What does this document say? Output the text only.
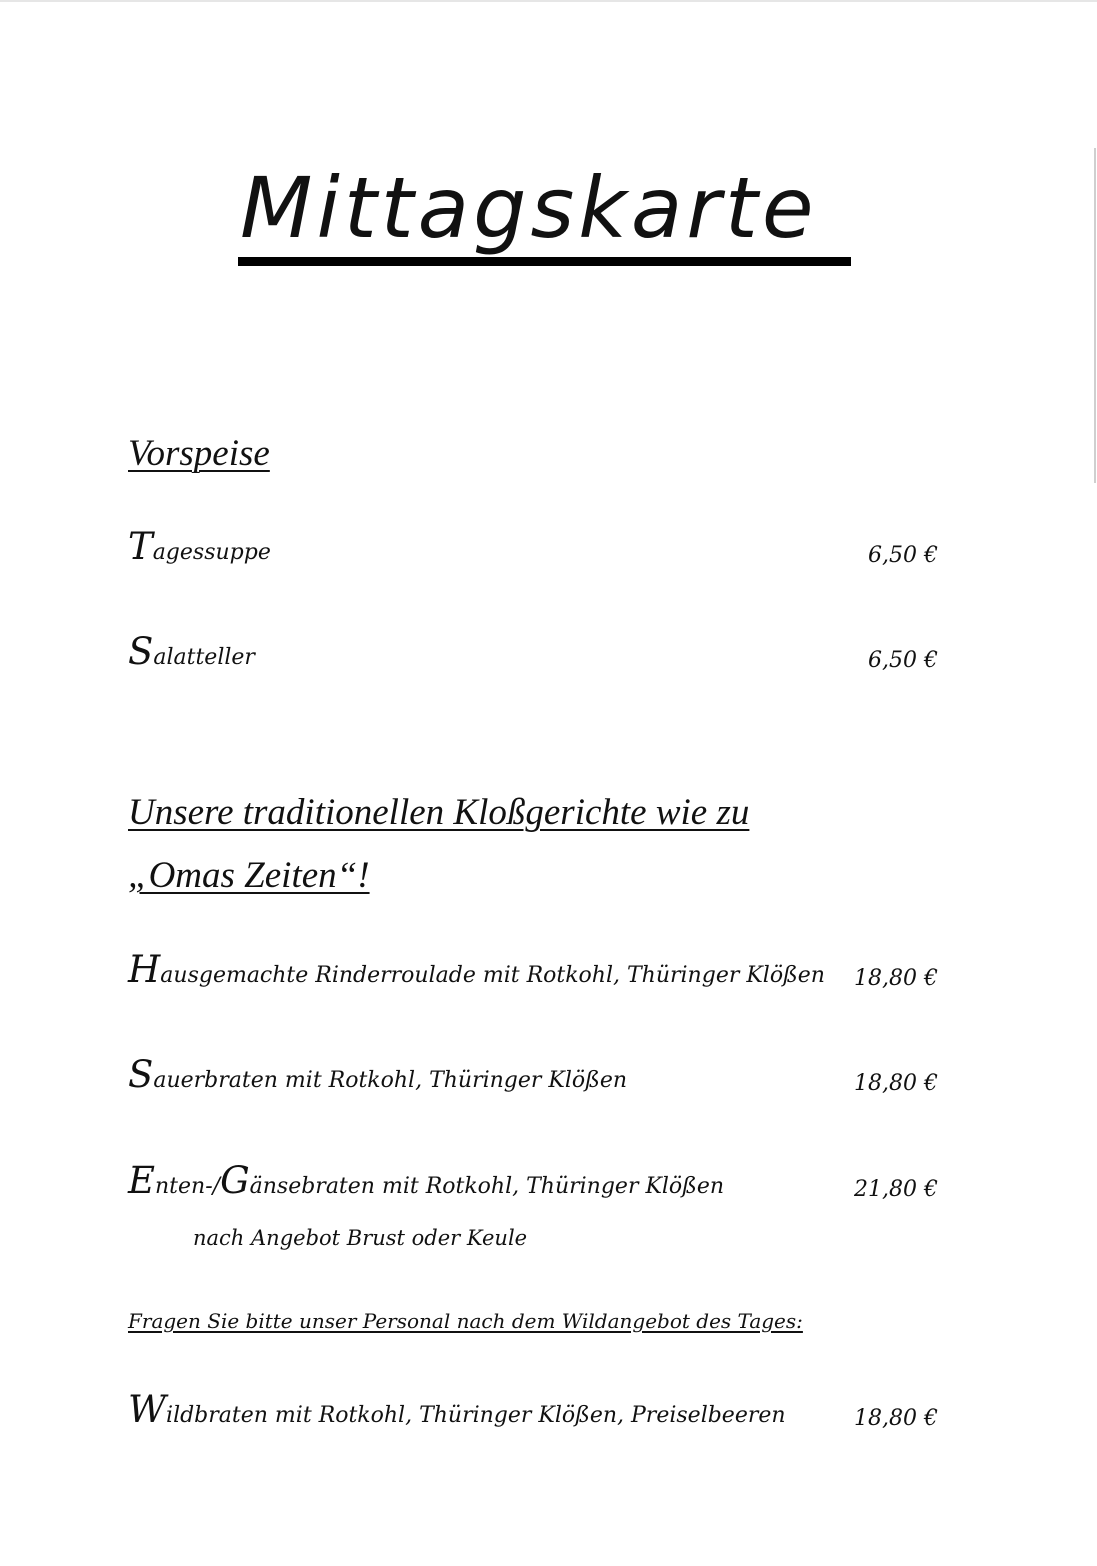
Mittagskarte
Vorspeise
Tagessuppe	6,50 €
Salatteller	6,50 €
Unsere traditionellen Kloßgerichte wie zu
„Omas Zeiten“!
Hausgemachte Rinderroulade mit Rotkohl, Thüringer Klößen 18,80 €
Sauerbraten mit Rotkohl, Thüringer Klößen	18,80 €
Enten-/Gänsebraten mit Rotkohl, Thüringer Klößen	21,80 €
nach Angebot Brust oder Keule
Fragen Sie bitte unser Personal nach dem Wildangebot des Tages:
Wildbraten mit Rotkohl, Thüringer Klößen, Preiselbeeren	18,80 €
